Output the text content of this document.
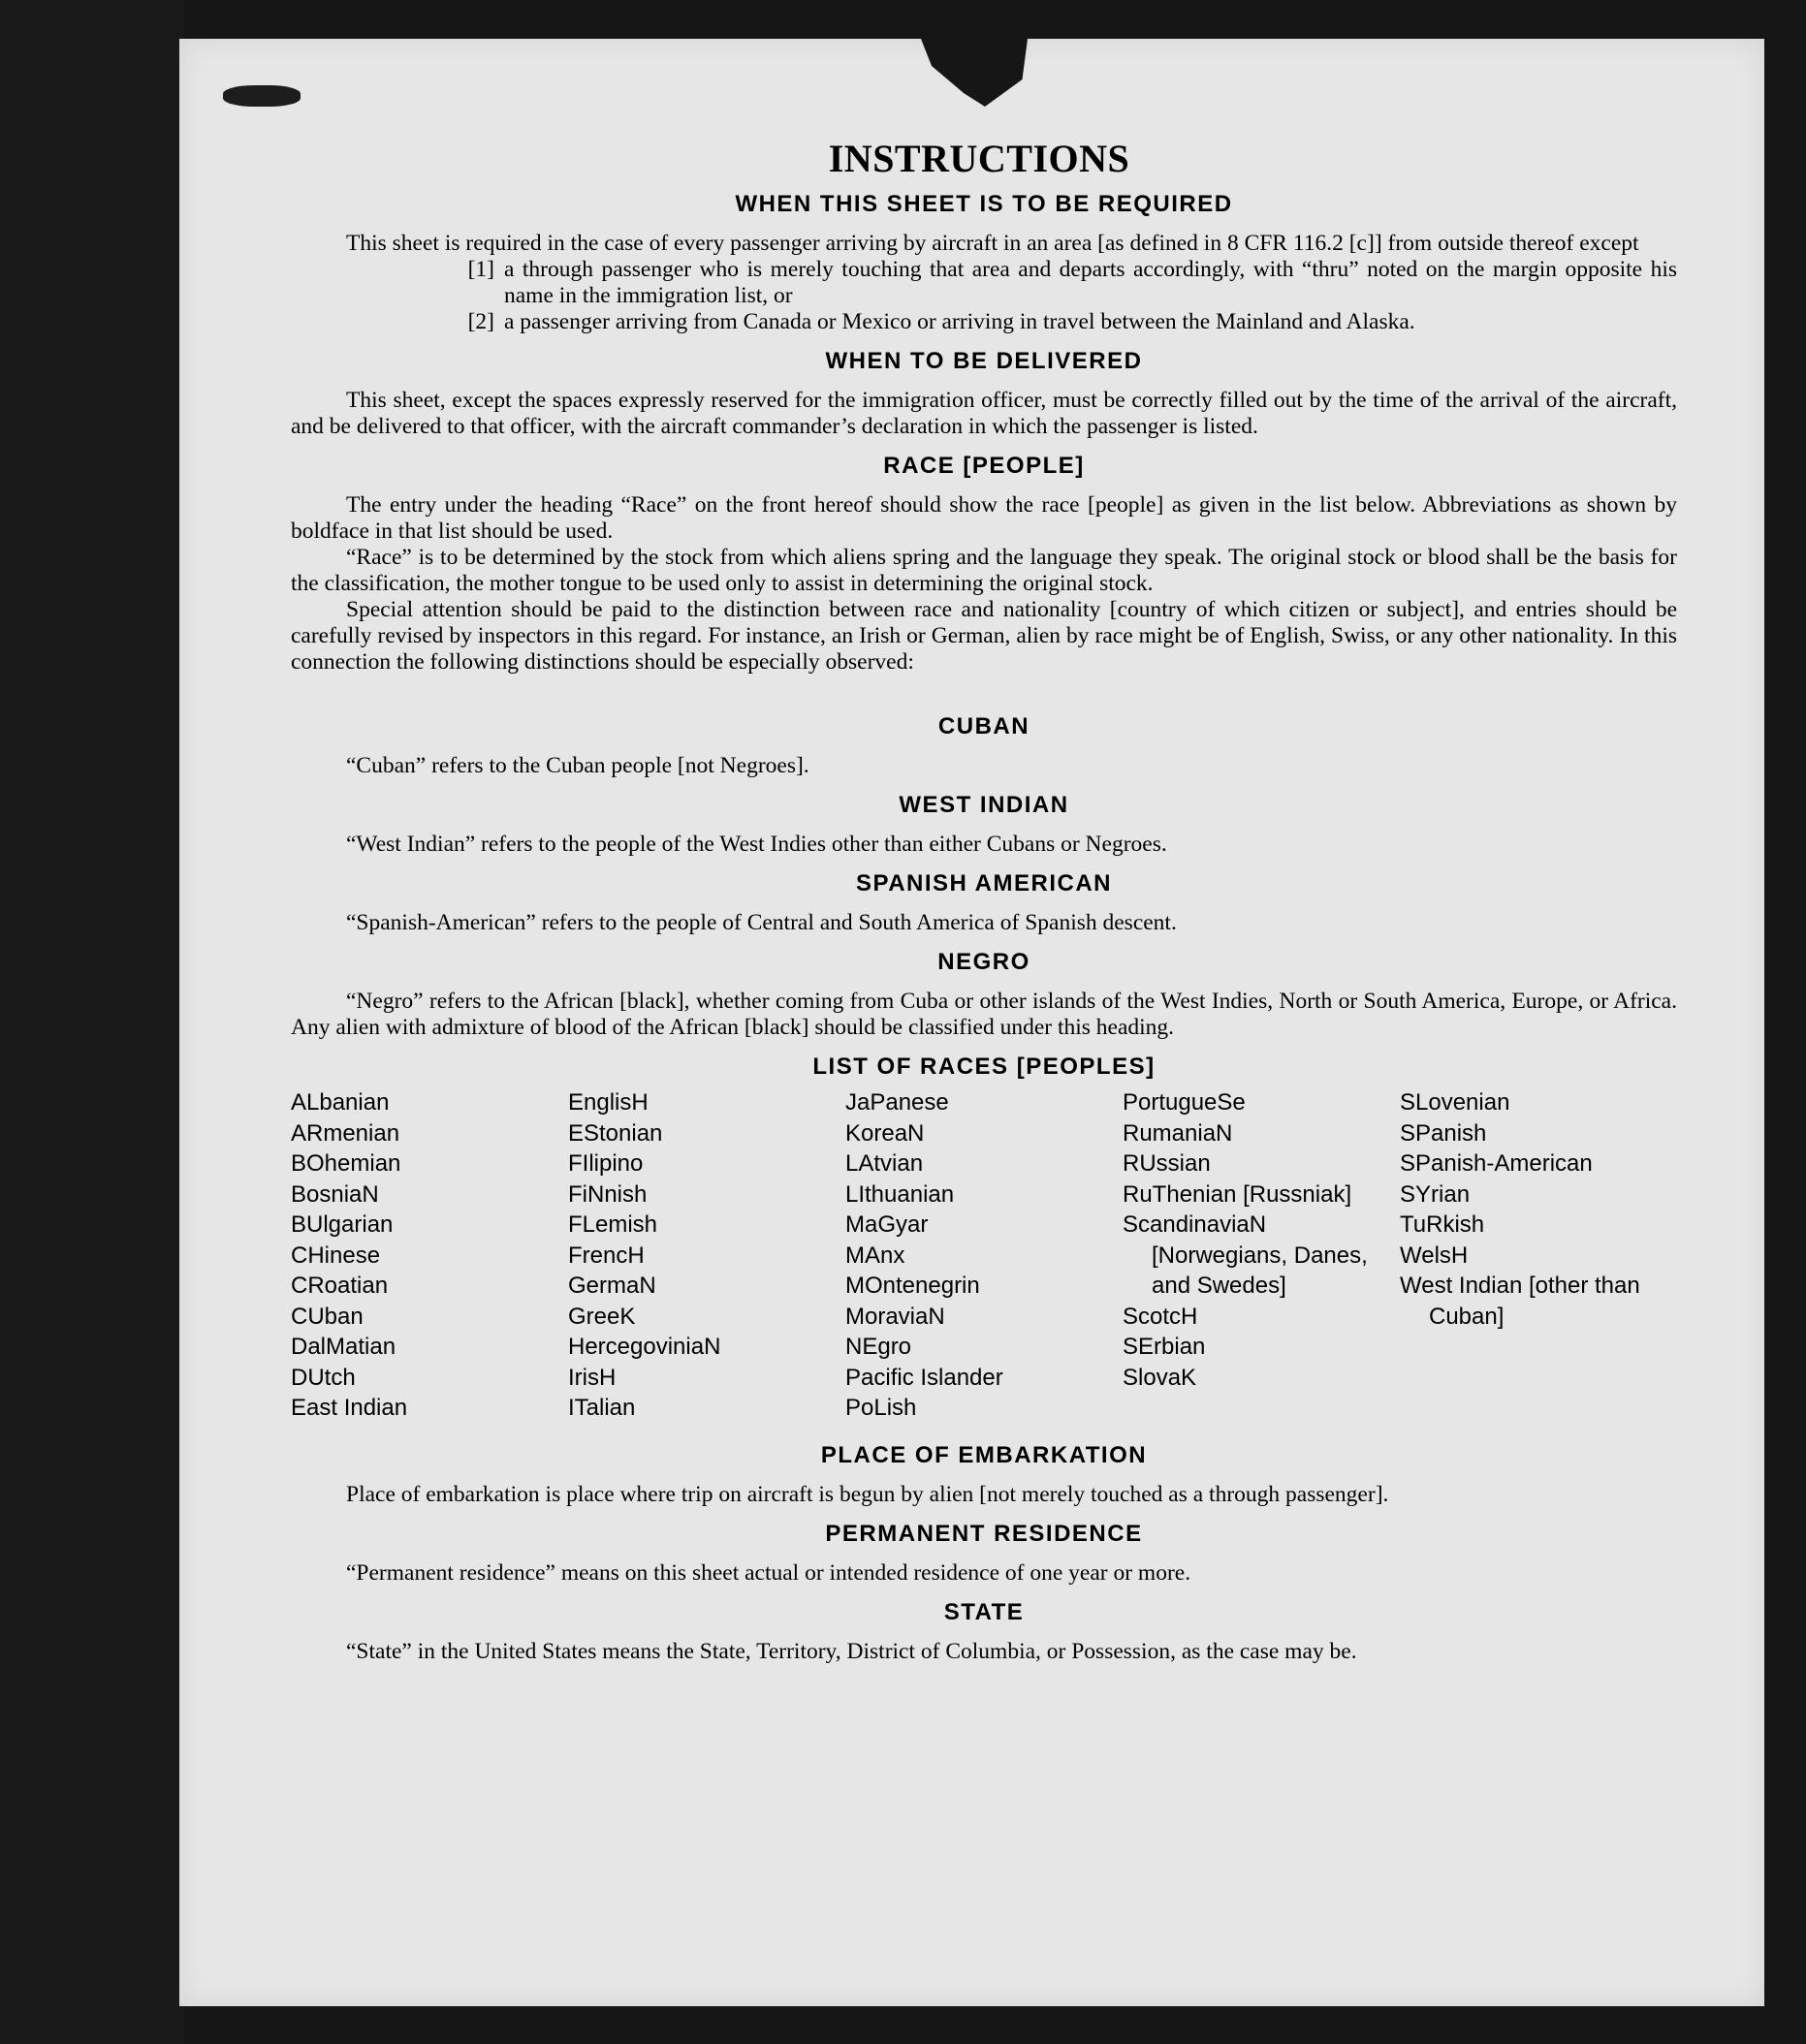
INSTRUCTIONS
WHEN THIS SHEET IS TO BE REQUIRED
This sheet is required in the case of every passenger arriving by aircraft in an area [as defined in 8 CFR 116.2 [c]] from outside thereof except
[1] a through passenger who is merely touching that area and departs accordingly, with “thru” noted on the margin opposite his name in the immigration list, or
[2] a passenger arriving from Canada or Mexico or arriving in travel between the Mainland and Alaska.
WHEN TO BE DELIVERED
This sheet, except the spaces expressly reserved for the immigration officer, must be correctly filled out by the time of the arrival of the aircraft, and be delivered to that officer, with the aircraft commander’s declaration in which the passenger is listed.
RACE [PEOPLE]
The entry under the heading “Race” on the front hereof should show the race [people] as given in the list below. Abbreviations as shown by boldface in that list should be used.
“Race” is to be determined by the stock from which aliens spring and the language they speak. The original stock or blood shall be the basis for the classification, the mother tongue to be used only to assist in determining the original stock.
Special attention should be paid to the distinction between race and nationality [country of which citizen or subject], and entries should be carefully revised by inspectors in this regard. For instance, an Irish or German, alien by race might be of English, Swiss, or any other nationality. In this connection the following distinctions should be especially observed:
CUBAN
“Cuban” refers to the Cuban people [not Negroes].
WEST INDIAN
“West Indian” refers to the people of the West Indies other than either Cubans or Negroes.
SPANISH AMERICAN
“Spanish-American” refers to the people of Central and South America of Spanish descent.
NEGRO
“Negro” refers to the African [black], whether coming from Cuba or other islands of the West Indies, North or South America, Europe, or Africa. Any alien with admixture of blood of the African [black] should be classified under this heading.
LIST OF RACES [PEOPLES]
ALbanian
ARmenian
BOhemian
BosniaN
BUlgarian
CHinese
CRoatian
CUban
DalMatian
DUtch
East Indian
EnglisH
EStonian
FIlipino
FiNnish
FLemish
FrencH
GermaN
GreeK
HercegoviniaN
IrisH
ITalian
JaPanese
KoreaN
LAtvian
LIthuanian
MaGyar
MAnx
MOntenegrin
MoraviaN
NEgro
Pacific Islander
PoLish
PortugueSe
RumaniaN
RUssian
RuThenian [Russniak]
ScandinaviaN [Norwegians, Danes, and Swedes]
ScotcH
SErbian
SlovaK
SLovenian
SPanish
SPanish-American
SYrian
TuRkish
WelsH
West Indian [other than Cuban]
PLACE OF EMBARKATION
Place of embarkation is place where trip on aircraft is begun by alien [not merely touched as a through passenger].
PERMANENT RESIDENCE
“Permanent residence” means on this sheet actual or intended residence of one year or more.
STATE
“State” in the United States means the State, Territory, District of Columbia, or Possession, as the case may be.
